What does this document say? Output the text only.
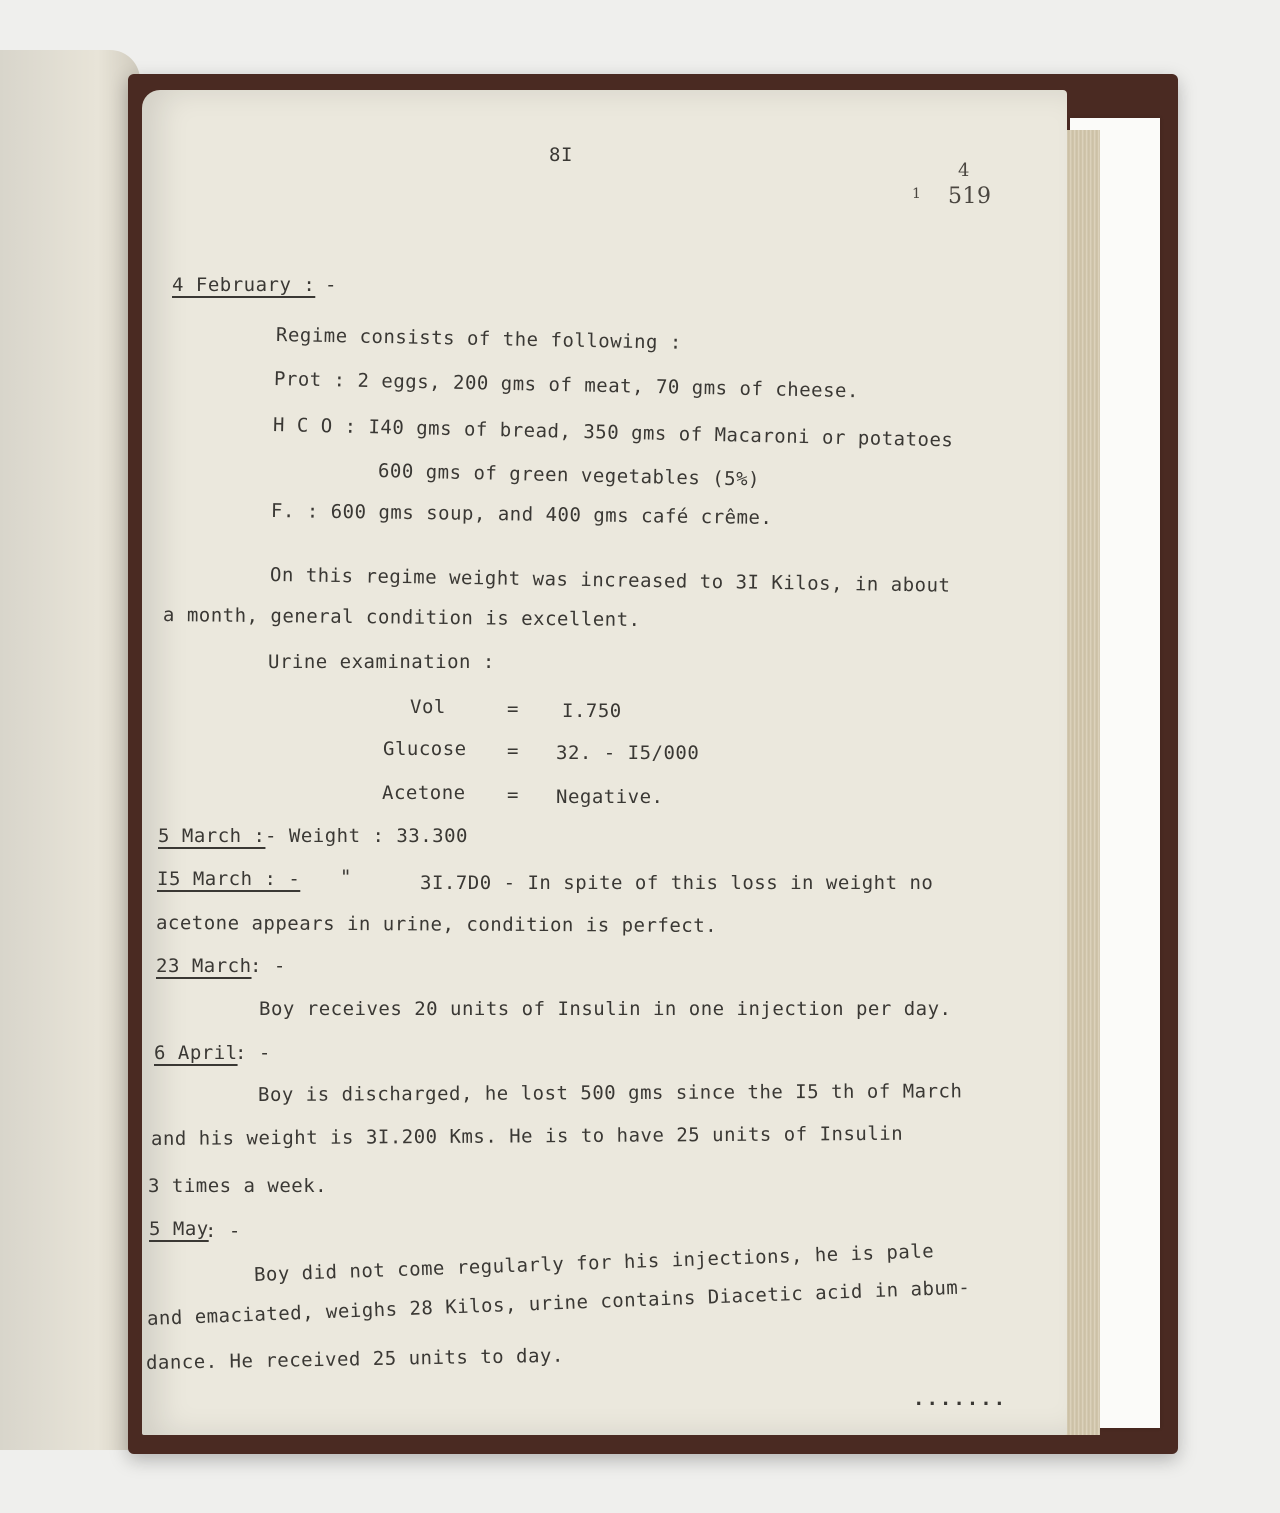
8I
4
519
1
4 February : -
Regime consists of the following :
Prot : 2 eggs, 200 gms of meat, 70 gms of cheese.
H C O : I40 gms of bread, 350 gms of Macaroni or potatoes
600 gms of green vegetables (5%)
F. : 600 gms soup, and 400 gms café crême.
On this regime weight was increased to 3I Kilos, in about
a month, general condition is excellent.
Urine examination :
Vol	= I.750
Glucose = 32. - I5/000
Acetone = Negative.
5 March : - Weight : 33.300
I5 March : - "	3I.7D0 - In spite of this loss in weight no
acetone appears in urine, condition is perfect.
23 March
: -
Boy receives 20 units of Insulin in one injection per day.
6 April
: -
Boy is discharged, he lost 500 gms since the I5 th of March
and his weight is 3I.200 Kms. He is to have 25 units of Insulin
3 times a week.
5 May
: -
Boy did not come regularly for his injections, he is pale
and emaciated, weighs 28 Kilos, urine contains Diacetic acid in abum-
dance. He received 25 units to day.
.......
